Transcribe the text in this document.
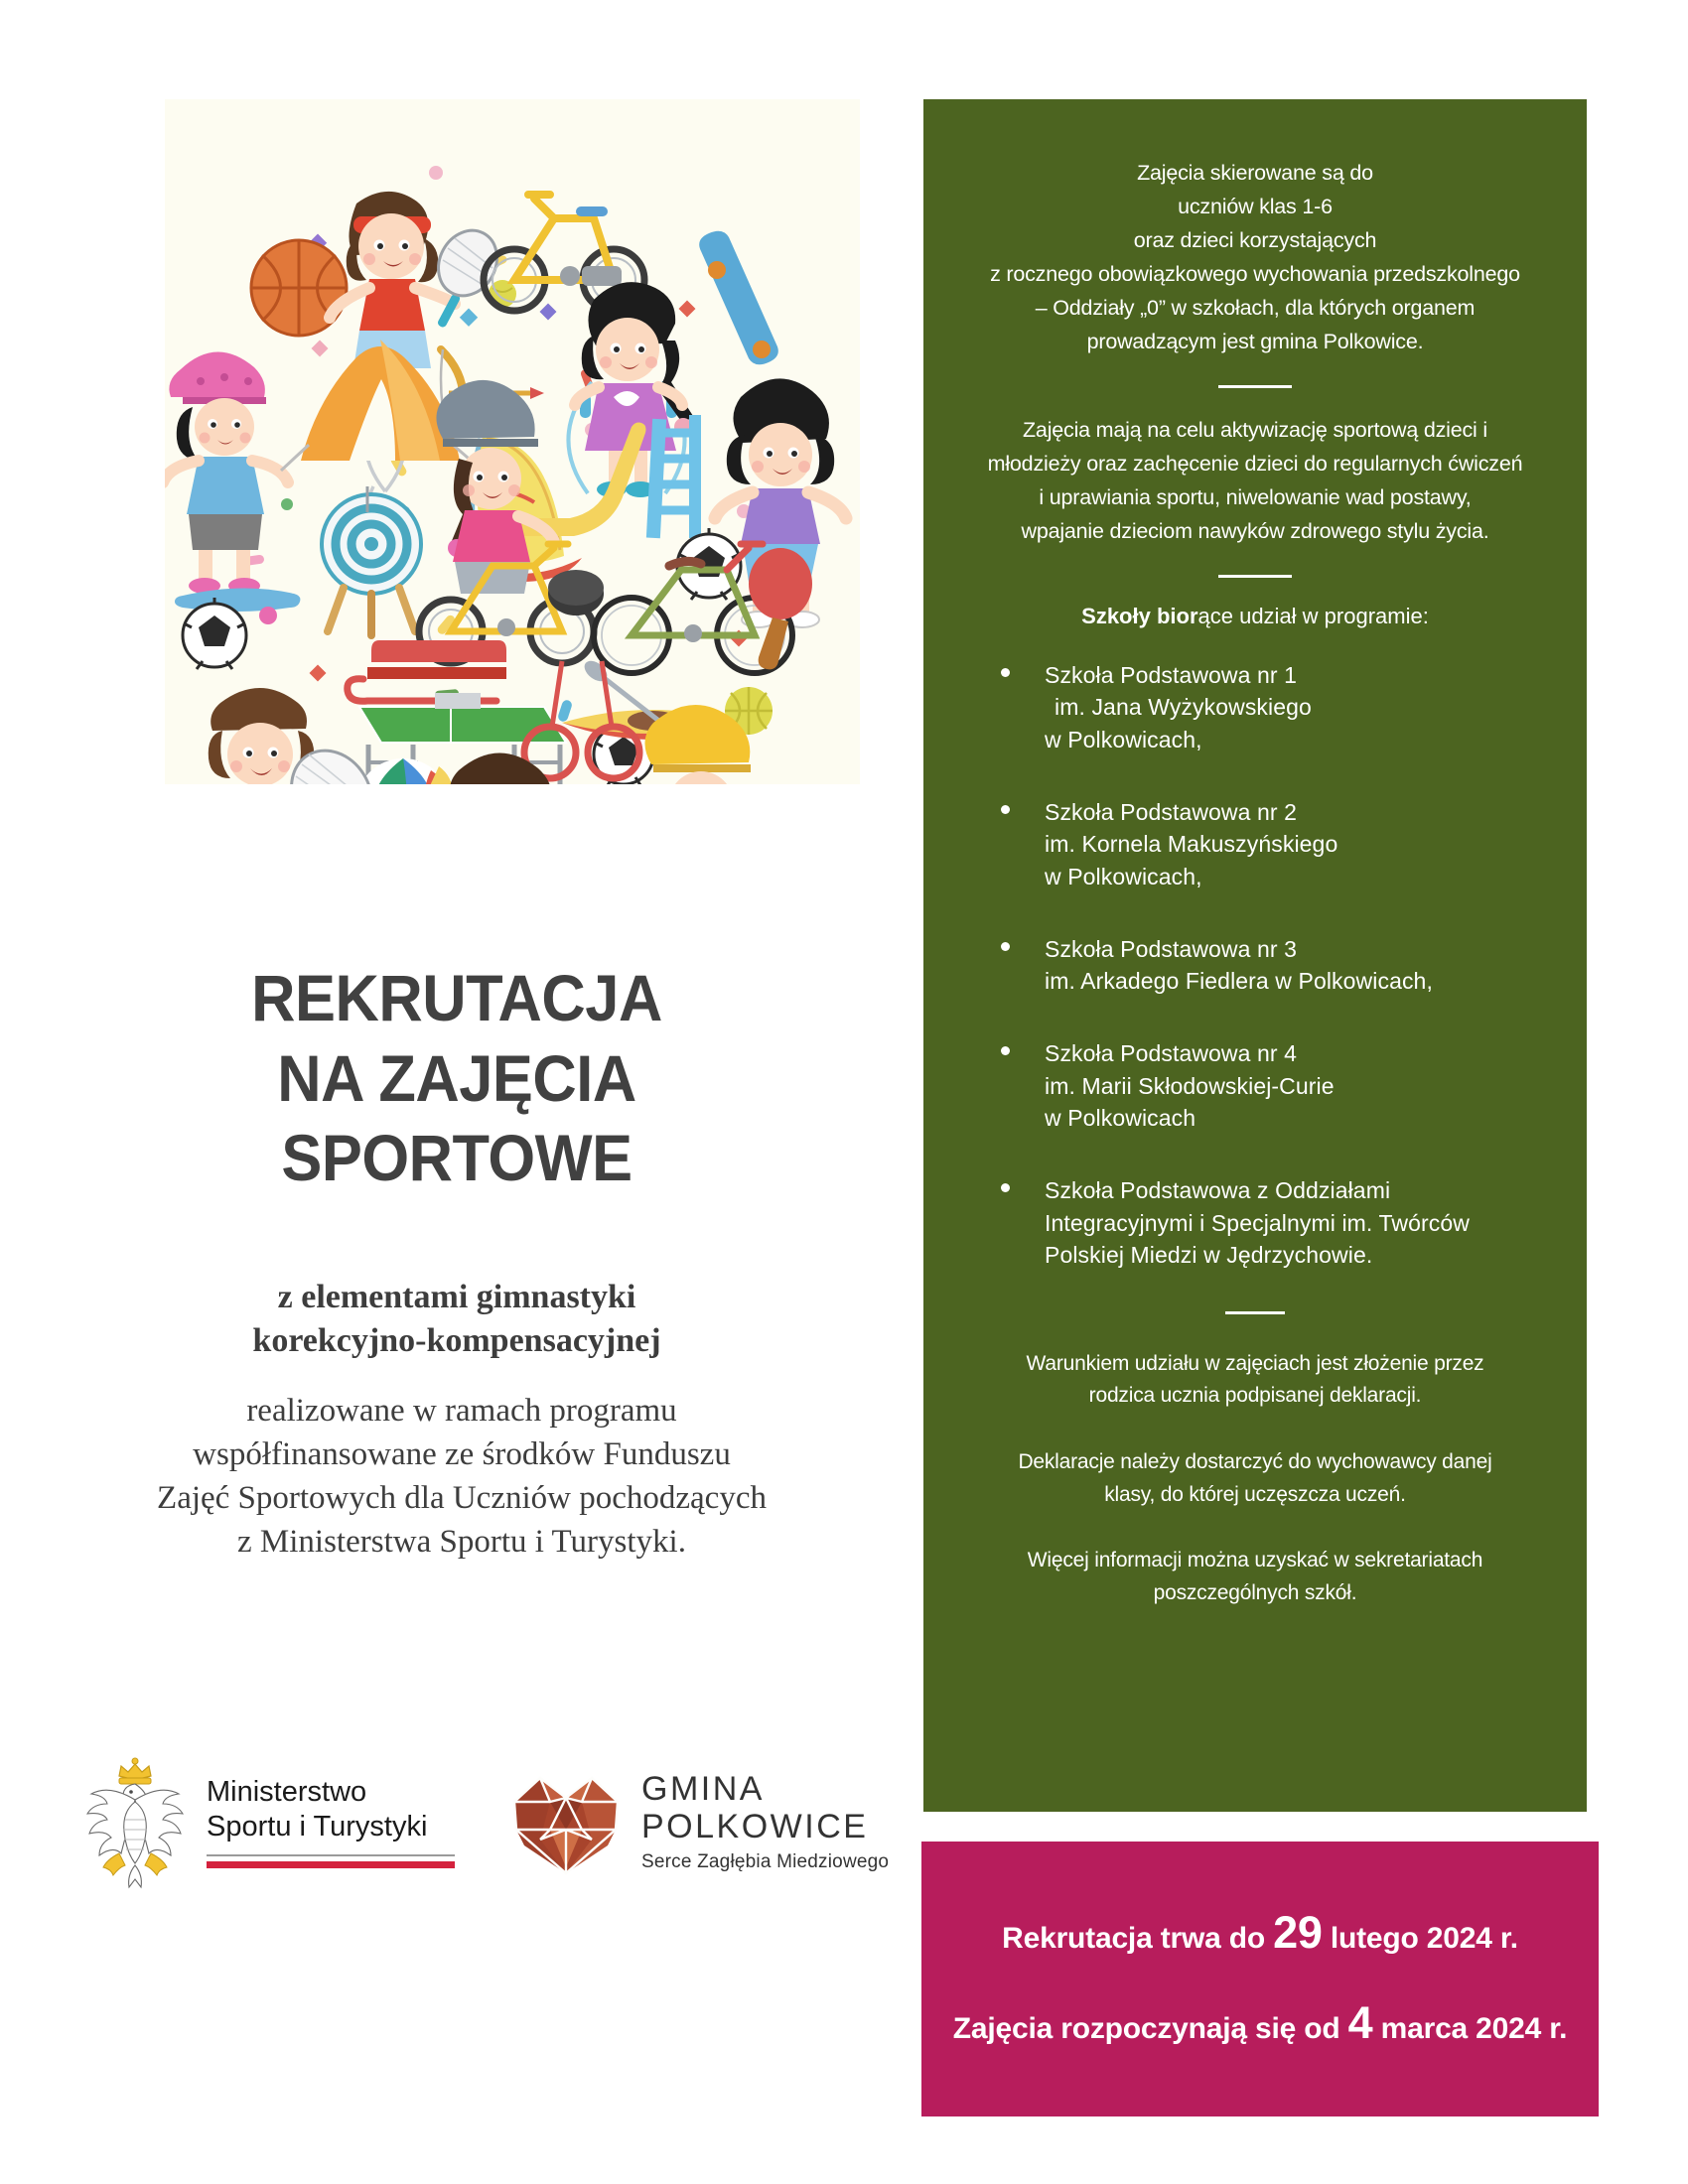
REKRUTACJA
NA ZAJĘCIA
SPORTOWE
z elementami gimnastyki
korekcyjno-kompensacyjnej
realizowane w ramach programu
współfinansowane ze środków Funduszu
Zajęć Sportowych dla Uczniów pochodzących
z Ministerstwa Sportu i Turystyki.
Ministerstwo
Sportu i Turystyki
GMINA
POLKOWICE
Serce Zagłębia Miedziowego
Zajęcia skierowane są do
uczniów klas 1-6
oraz dzieci korzystających
z rocznego obowiązkowego wychowania przedszkolnego
– Oddziały „0” w szkołach, dla których organem
prowadzącym jest gmina Polkowice.
Zajęcia mają na celu aktywizację sportową dzieci i
młodzieży oraz zachęcenie dzieci do regularnych ćwiczeń
i uprawiania sportu, niwelowanie wad postawy,
wpajanie dzieciom nawyków zdrowego stylu życia.
Szkoły biorące udział w programie:
Szkoła Podstawowa nr 1
im. Jana Wyżykowskiego
w Polkowicach,
Szkoła Podstawowa nr 2
im. Kornela Makuszyńskiego
w Polkowicach,
Szkoła Podstawowa nr 3
im. Arkadego Fiedlera w Polkowicach,
Szkoła Podstawowa nr 4
im. Marii Skłodowskiej-Curie
w Polkowicach
Szkoła Podstawowa z Oddziałami
Integracyjnymi i Specjalnymi im. Twórców
Polskiej Miedzi w Jędrzychowie.
Warunkiem udziału w zajęciach jest złożenie przez
rodzica ucznia podpisanej deklaracji.
Deklaracje należy dostarczyć do wychowawcy danej
klasy, do której uczęszcza uczeń.
Więcej informacji można uzyskać w sekretariatach
poszczególnych szkół.
Rekrutacja trwa do 29 lutego 2024 r.
Zajęcia rozpoczynają się od 4 marca 2024 r.
